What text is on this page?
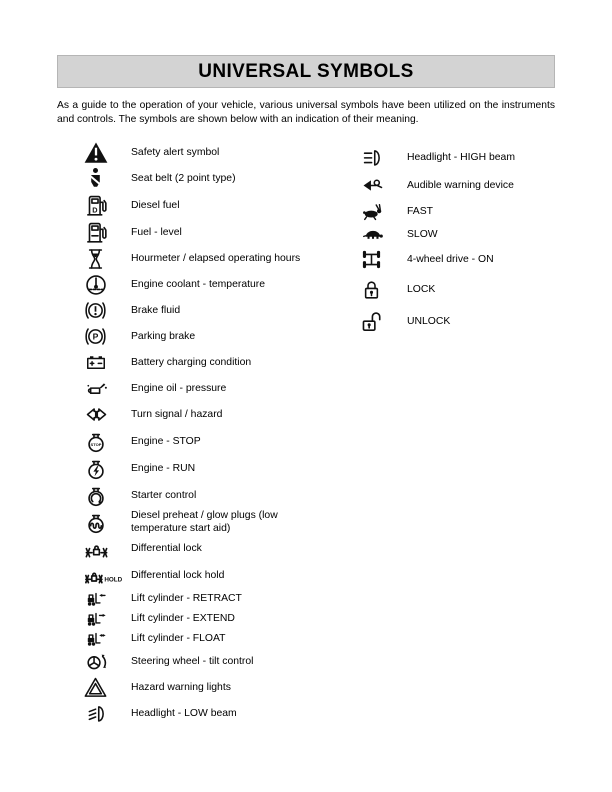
UNIVERSAL SYMBOLS

As a guide to the operation of your vehicle, various universal symbols have been utilized on the instruments and controls. The symbols are shown below with an indication of their meaning.

Safety alert symbol
Seat belt (2 point type)
D	Diesel fuel
Fuel - level
Hourmeter / elapsed operating hours
Engine coolant - temperature
Brake fluid
P	Parking brake
Battery charging condition
Engine oil - pressure
Turn signal / hazard
STOP	Engine - STOP
Engine - RUN
Starter control
Diesel preheat / glow plugs (low temperature start aid)
Differential lock
HOLD Differential lock hold
Lift cylinder - RETRACT
Lift cylinder - EXTEND
Lift cylinder - FLOAT
Steering wheel - tilt control
Hazard warning lights
Headlight - LOW beam
Headlight - HIGH beam
Audible warning device
FAST
SLOW
4-wheel drive - ON
LOCK
UNLOCK
